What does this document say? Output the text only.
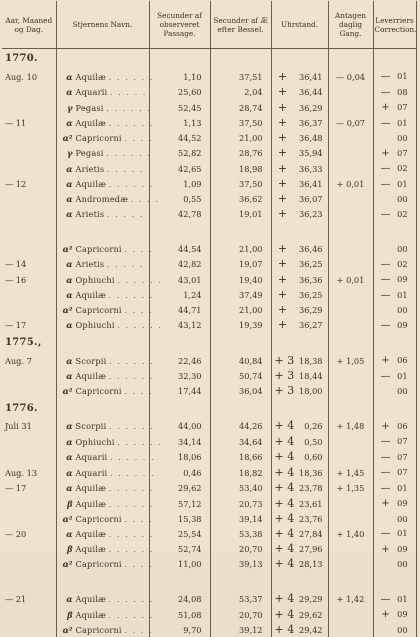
Aar, Maaned og Dag.	Stjernens Navn.	Secunder af observeret Passage.	Secunder af Æ efter Bessel.	Uhrstand.	Antagen daglig Gang.	Leverriers Correction.
1770.						
Aug. 10	α Aquilæ . . . . . .	1,10	37,51	+ 36,41	— 0,04	— 01
	α Aquarii . . . . .	25,60	2,04	+ 36,44		— 08
	γ Pegasi . . . . . .	52,45	28,74	+ 36,29		+ 07
— 11	α Aquilæ . . . . . .	1,13	37,50	+ 36,37	— 0,07	— 01
	α² Capricorni . . . .	44,52	21,00	+ 36,48		00
	γ Pegasi . . . . . .	52,82	28,76	+ 35,94		+ 07
	α Arietis . . . . . .	42,65	18,98	+ 36,33		— 02
— 12	α Aquilæ . . . . . .	1,09	37,50	+ 36,41	+ 0,01	— 01
	α Andromedæ . . . .	0,55	36,62	+ 36,07		00
	α Arietis . . . . . .	42,78	19,01	+ 36,23		— 02

	α² Capricorni . . . .	44,54	21,00	+ 36,46		00
— 14	α Arietis . . . . . .	42,82	19,07	+ 36,25		— 02
— 16	α Ophiuchi . . . . . .	43,01	19,40	+ 36,36	+ 0,01	— 09
	α Aquilæ . . . . . .	1,24	37,49	+ 36,25		— 01
	α² Capricorni . . . .	44,71	21,00	+ 36,29		00
— 17	α Ophiuchi . . . . . .	43,12	19,39	+ 36,27		— 09
1775.,						
Aug. 7	α Scorpii . . . . . .	22,46	40,84	+ 3 18,38	+ 1,05	+ 06
	α Aquilæ . . . . . .	32,30	50,74	+ 3 18,44		— 01
	α² Capricorni . . . .	17,44	36,04	+ 3 18,00		00
1776.						
Juli 31	α Scorpii . . . . . .	44,00	44,26	+ 4 0,26	+ 1,48	+ 06
	α Ophiuchi . . . . . .	34,14	34,64	+ 4 0,50		— 07
	α Aquarii . . . . . .	18,06	18,66	+ 4 0,60		— 07
Aug. 13	α Aquarii . . . . . .	0,46	18,82	+ 4 18,36	+ 1,45	— 07
— 17	α Aquilæ . . . . . .	29,62	53,40	+ 4 23,78	+ 1,35	— 01
	β Aquilæ . . . . . .	57,12	20,73	+ 4 23,61		+ 09
	α² Capricorni . . . .	15,38	39,14	+ 4 23,76		00
— 20	α Aquilæ . . . . . .	25,54	53,38	+ 4 27,84	+ 1,40	— 01
	β Aquilæ . . . . . .	52,74	20,70	+ 4 27,96		+ 09
	α² Capricorni . . . .	11,00	39,13	+ 4 28,13		00

— 21	α Aquilæ . . . . . .	24,08	53,37	+ 4 29,29	+ 1,42	— 01
	β Aquilæ . . . . . .	51,08	20,70	+ 4 29,62		+ 09
	α² Capricorni . . . .	9,70	39,12	+ 4 29,42		00
